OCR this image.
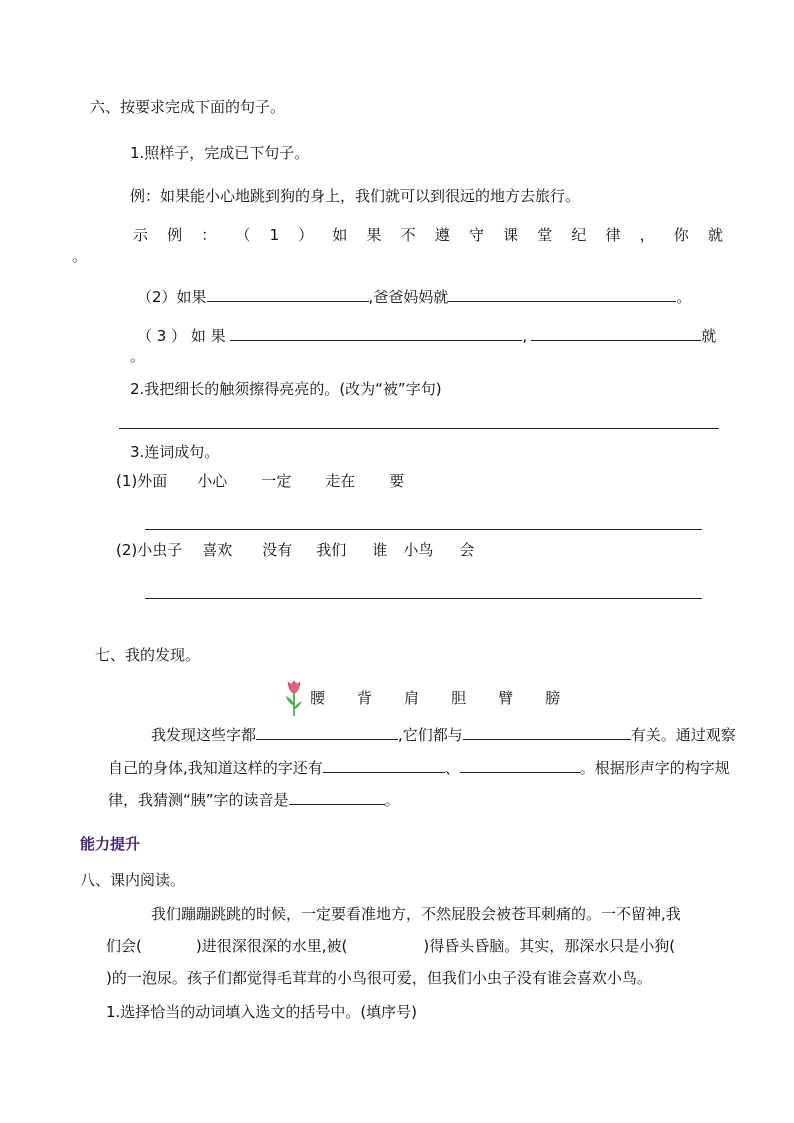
六、按要求完成下面的句子。
1.照样子，完成已下句子。
例：如果能小心地跳到狗的身上，我们就可以到很远的地方去旅行。
示 例 ： （ 1 ） 如 果 不 遵 守 课 堂 纪 律 ， 你 就
。
（2）如果	,爸爸妈妈就	。
（ 3 ） 如 果	,	就
。
2.我把细长的触须擦得亮亮的。(改为“被”字句)
3.连词成句。
(1)外面 小心 一定 走在 要
(2)小虫子 喜欢 没有 我们 谁 小鸟 会
七、我的发现。
腰 背 肩 胆 臂 膀
我发现这些字都	,它们都与	有关。通过观察
自己的身体,我知道这样的字还有	、	。根据形声字的构字规
律，我猜测“胰”字的读音是	。
能力提升
八、课内阅读。
我们蹦蹦跳跳的时候，一定要看准地方，不然屁股会被苍耳刺痛的。一不留神,我
们会(	)进很深很深的水里,被(	)得昏头昏脑。其实，那深水只是小狗(
)的一泡尿。孩子们都觉得毛茸茸的小鸟很可爱，但我们小虫子没有谁会喜欢小鸟。
1.选择恰当的动词填入选文的括号中。(填序号)
